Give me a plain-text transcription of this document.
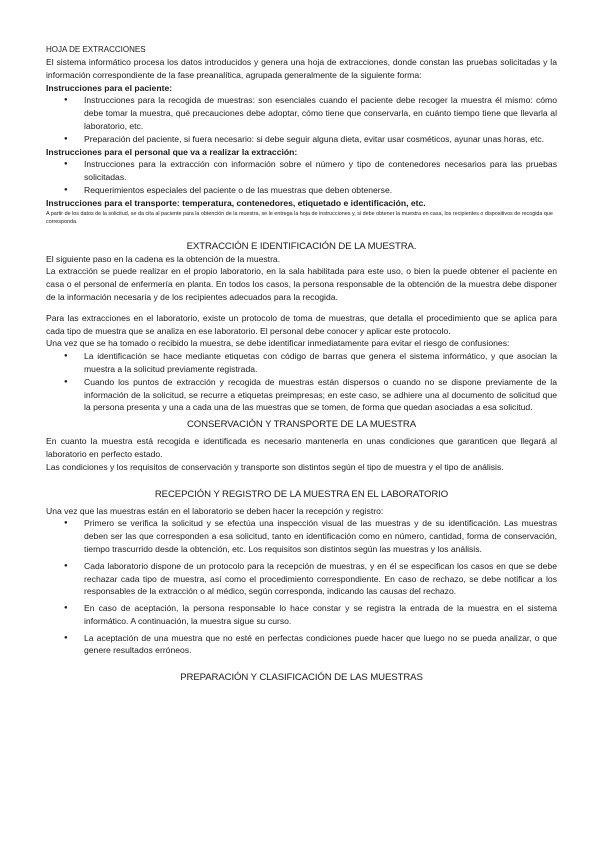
HOJA DE EXTRACCIONES

El sistema informático procesa los datos introducidos y genera una hoja de extracciones, donde constan las pruebas solicitadas y la información correspondiente de la fase preanalítica, agrupada generalmente de la siguiente forma:

Instrucciones para el paciente:

● Instrucciones para la recogida de muestras: son esenciales cuando el paciente debe recoger la muestra él mismo: cómo debe tomar la muestra, qué precauciones debe adoptar, cómo tiene que conservarla, en cuánto tiempo tiene que llevarla al laboratorio, etc.
● Preparación del paciente, si fuera necesario: si debe seguir alguna dieta, evitar usar cosméticos, ayunar unas horas, etc.

Instrucciones para el personal que va a realizar la extracción:

● Instrucciones para la extracción con información sobre el número y tipo de contenedores necesarios para las pruebas solicitadas.
● Requerimientos especiales del paciente o de las muestras que deben obtenerse.

Instrucciones para el transporte: temperatura, contenedores, etiquetado e identificación, etc.

A partir de los datos de la solicitud, se da cita al paciente para la obtención de la muestra, se le entrega la hoja de instrucciones y, si debe obtener la muestra en casa, los recipientes o dispositivos de recogida que corresponda.

EXTRACCIÓN E IDENTIFICACIÓN DE LA MUESTRA.

El siguiente paso en la cadena es la obtención de la muestra.

La extracción se puede realizar en el propio laboratorio, en la sala habilitada para este uso, o bien la puede obtener el paciente en casa o el personal de enfermería en planta. En todos los casos, la persona responsable de la obtención de la muestra debe disponer de la información necesaria y de los recipientes adecuados para la recogida.

Para las extracciones en el laboratorio, existe un protocolo de toma de muestras, que detalla el procedimiento que se aplica para cada tipo de muestra que se analiza en ese laboratorio. El personal debe conocer y aplicar este protocolo.

Una vez que se ha tomado o recibido la muestra, se debe identificar inmediatamente para evitar el riesgo de confusiones:

● La identificación se hace mediante etiquetas con código de barras que genera el sistema informático, y que asocian la muestra a la solicitud previamente registrada.
● Cuando los puntos de extracción y recogida de muestras están dispersos o cuando no se dispone previamente de la información de la solicitud, se recurre a etiquetas preimpresas; en este caso, se adhiere una al documento de solicitud que la persona presenta y una a cada una de las muestras que se tomen, de forma que quedan asociadas a esa solicitud.

CONSERVACIÓN Y TRANSPORTE DE LA MUESTRA

En cuanto la muestra está recogida e identificada es necesario mantenerla en unas condiciones que garanticen que llegará al laboratorio en perfecto estado.

Las condiciones y los requisitos de conservación y transporte son distintos según el tipo de muestra y el tipo de análisis.

RECEPCIÓN Y REGISTRO DE LA MUESTRA EN EL LABORATORIO

Una vez que las muestras están en el laboratorio se deben hacer la recepción y registro:

● Primero se verifica la solicitud y se efectúa una inspección visual de las muestras y de su identificación. Las muestras deben ser las que corresponden a esa solicitud, tanto en identificación como en número, cantidad, forma de conservación, tiempo trascurrido desde la obtención, etc. Los requisitos son distintos según las muestras y los análisis.
● Cada laboratorio dispone de un protocolo para la recepción de muestras, y en él se especifican los casos en que se debe rechazar cada tipo de muestra, así como el procedimiento correspondiente. En caso de rechazo, se debe notificar a los responsables de la extracción o al médico, según corresponda, indicando las causas del rechazo.
● En caso de aceptación, la persona responsable lo hace constar y se registra la entrada de la muestra en el sistema informático. A continuación, la muestra sigue su curso.
● La aceptación de una muestra que no esté en perfectas condiciones puede hacer que luego no se pueda analizar, o que genere resultados erróneos.

PREPARACIÓN Y CLASIFICACIÓN DE LAS MUESTRAS
